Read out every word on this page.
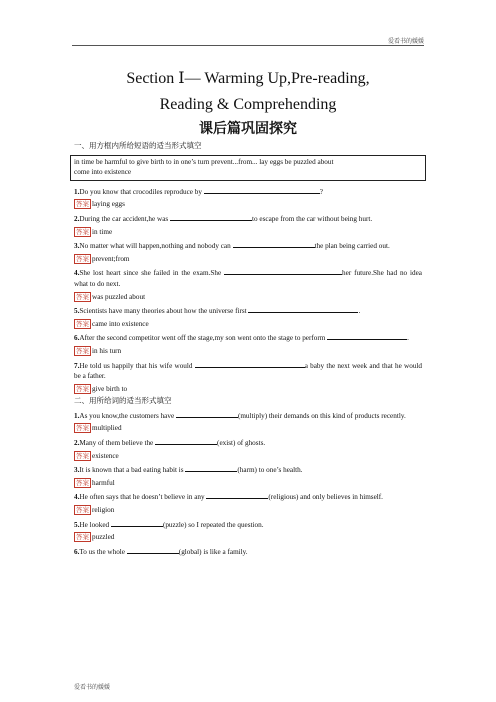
爱看书的媛媛
Section Ⅰ— Warming Up,Pre-reading,
Reading & Comprehending
课后篇巩固探究
一、用方框内所给短语的适当形式填空
in time be harmful to give birth to in one’s turn prevent...from... lay eggs be puzzled about
come into existence
1.Do you know that crocodiles reproduce by	?
答案 laying eggs
2.During the car accident,he was	to escape from the car without being hurt.
答案 in time
3.No matter what will happen,nothing and nobody can	the plan being carried out.
答案 prevent;from
4.She lost heart since she failed in the exam.She	her future.She had no idea what to do next.
答案 was puzzled about
5.Scientists have many theories about how the universe first	.
答案 came into existence
6.After the second competitor went off the stage,my son went onto the stage to perform	.
答案 in his turn
7.He told us happily that his wife would	a baby the next week and that he would be a father.
答案 give birth to
二、用所给词的适当形式填空
1.As you know,the customers have	(multiply) their demands on this kind of products recently.
答案 multiplied
2.Many of them believe the	(exist) of ghosts.
答案 existence
3.It is known that a bad eating habit is	(harm) to one’s health.
答案 harmful
4.He often says that he doesn’t believe in any	(religious) and only believes in himself.
答案 religion
5.He looked	(puzzle) so I repeated the question.
答案 puzzled
6.To us the whole	(global) is like a family.
爱看书的媛媛
